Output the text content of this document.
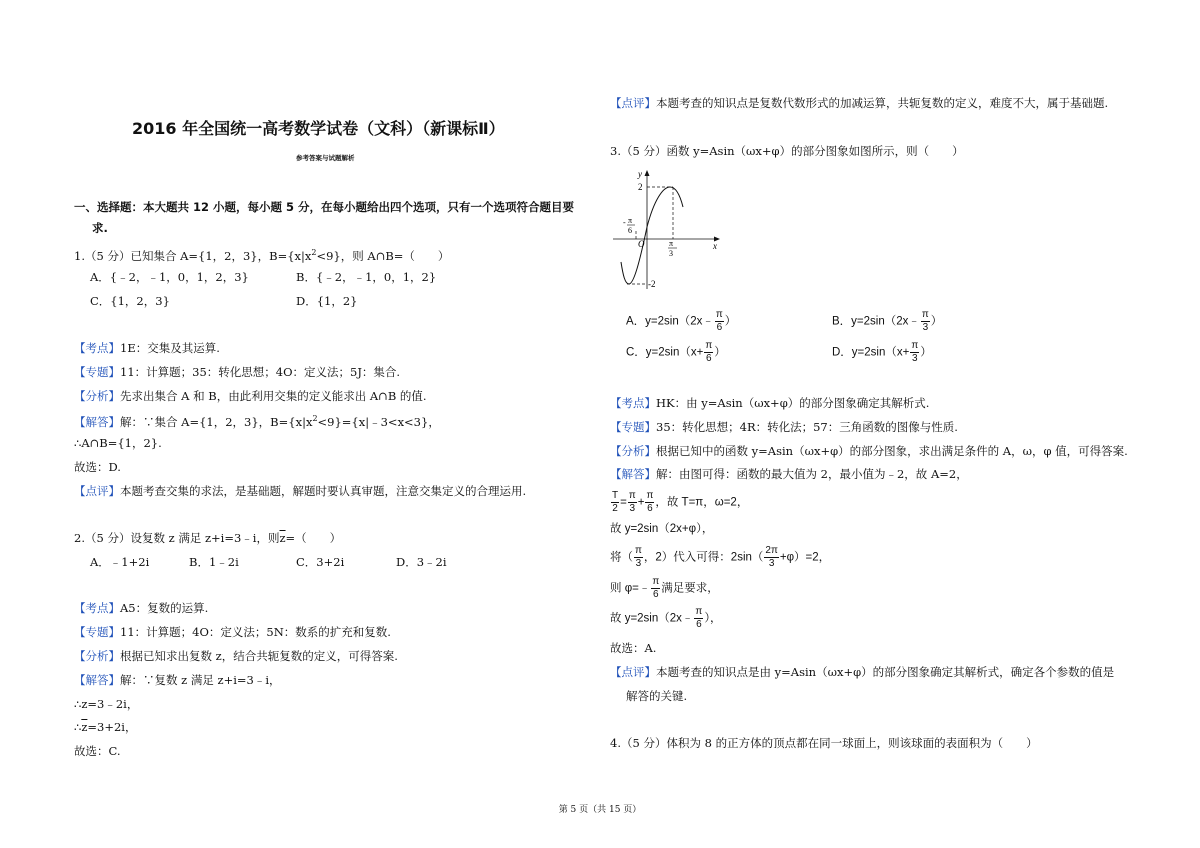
2016 年全国统一高考数学试卷（文科）（新课标Ⅱ）
参考答案与试题解析
一、选择题：本大题共 12 小题，每小题 5 分，在每小题给出四个选项，只有一个选项符合题目要
求.
1.（5 分）已知集合 A={1，2，3}，$B=\{x|x^2<9\}$，则 A∩B=（　　）
A．{﹣2，﹣1，0，1，2，3}	B．{﹣2，﹣1，0，1，2}
C．{1，2，3}	D．{1，2}
【考点】1E：交集及其运算.
【专题】11：计算题；35：转化思想；4O：定义法；5J：集合.
【分析】先求出集合 A 和 B，由此利用交集的定义能求出 A∩B 的值.
【解答】解：∵集合 A={1，2，3}，$B=\{x|x^2<9\}=\{x|﹣3<x<3\}$，
∴A∩B={1，2}.
故选：D.
【点评】本题考查交集的求法，是基础题，解题时要认真审题，注意交集定义的合理运用.
2.（5 分）设复数 z 满足 z+i=3﹣i，则$\overline{z}=$（　　）
A．﹣1+2i	B．1﹣2i	C．3+2i	D．3﹣2i
【考点】A5：复数的运算.
【专题】11：计算题；4O：定义法；5N：数系的扩充和复数.
【分析】根据已知求出复数 z，结合共轭复数的定义，可得答案.
【解答】解：∵复数 z 满足 z+i=3﹣i，
∴z=3﹣2i，
$\therefore\overline{z}=3+2i$，
故选：C.
【点评】本题考查的知识点是复数代数形式的加减运算，共轭复数的定义，难度不大，属于基础题.
3.（5 分）函数 y=Asin（ωx+φ）的部分图象如图所示，则（　　）
y
x
O
2
-2
- π
6
π
3
A．y=2sin（2x﹣ $\frac{\pi}{6}$ ）	B．y=2sin（2x﹣ $\frac{\pi}{3}$ ）
C．$y=2\sin(x+ \frac{\pi}{6}$ ）	D．$y=2\sin(x+ \frac{\pi}{3}$ ）
【考点】HK：由 y=Asin（ωx+φ）的部分图象确定其解析式.
【专题】35：转化思想；4R：转化法；57：三角函数的图像与性质.
【分析】根据已知中的函数 y=Asin（ωx+φ）的部分图象，求出满足条件的 A，ω，φ 值，可得答案.
【解答】解：由图可得：函数的最大值为 2，最小值为﹣2，故 A=2，
$\frac{T}{2} = \frac{\pi}{3} + \frac{\pi}{6}$ ，故 T=π，ω=2，
故 y=2sin（2x+φ），
将（ $\frac{\pi}{3}$ ，2）代入可得：$2\sin( \frac{2\pi}{3} +\varphi)=2$，
则 φ=﹣ $\frac{\pi}{6}$ 满足要求，
故 y=2sin（2x﹣ $\frac{\pi}{6}$ ），
故选：A.
【点评】本题考查的知识点是由 y=Asin（ωx+φ）的部分图象确定其解析式，确定各个参数的值是
解答的关键.
4.（5 分）体积为 8 的正方体的顶点都在同一球面上，则该球面的表面积为（　　）
第 5 页（共 15 页）
